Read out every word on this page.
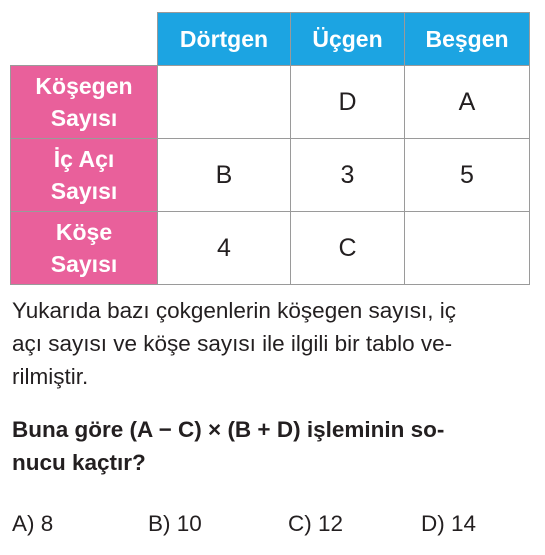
	Dörtgen	Üçgen	Beşgen

Köşegen
Sayısı		D	A

İç Açı
Sayısı	B	3	5

Köşe
Sayısı	4	C	
Yukarıda bazı çokgenlerin köşegen sayısı, iç
açı sayısı ve köşe sayısı ile ilgili bir tablo ve-
rilmiştir.
Buna göre (A − C) × (B + D) işleminin so-
nucu kaçtır?
A) 8	B) 10	C) 12	D) 14
